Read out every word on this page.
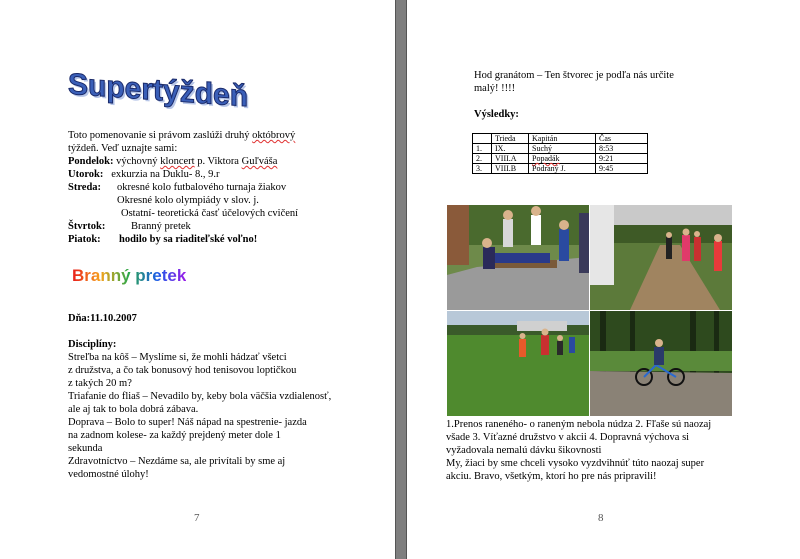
Supertýždeň
Toto pomenovanie si právom zaslúži druhý októbrový
týždeň. Veď uznajte sami:
Pondelok: výchovný kloncert p. Viktora Guľváša
Utorok: exkurzia na Duklu- 8., 9.r
Streda: okresné kolo futbalového turnaja žiakov
Okresné kolo olympiády v slov. j.
Ostatní- teoretická časť účelových cvičení
Štvrtok: Branný pretek
Piatok: hodilo by sa riaditeľské voľno!
Branný pretek
Dňa:11.10.2007
Disciplíny:
Streľba na kôš – Myslíme si, že mohli hádzať všetci
z družstva, a čo tak bonusový hod tenisovou loptičkou
z takých 20 m?
Triafanie do fliaš – Nevadilo by, keby bola väčšia vzdialenosť,
ale aj tak to bola dobrá zábava.
Doprava – Bolo to super! Náš nápad na spestrenie- jazda
na zadnom kolese- za každý prejdený meter dole 1
sekunda
Zdravotníctvo – Nezdáme sa, ale privítali by sme aj
vedomostné úlohy!
7
Hod granátom – Ten štvorec je podľa nás určite
malý! !!!!
Výsledky:
	Trieda	Kapitán	Čas
1.	IX.	Suchý	8:53
2.	VIII.A	Popadák	9:21
3.	VIII.B	Podraný J.	9:45
1.Prenos raneného- o raneným nebola núdza 2. Fľaše sú naozaj
všade 3. Víťazné družstvo v akcii 4. Dopravná výchova si
vyžadovala nemalú dávku šikovnosti
My, žiaci by sme chceli vysoko vyzdvihnúť túto naozaj super
akciu. Bravo, všetkým, ktorí ho pre nás pripravili!
8
